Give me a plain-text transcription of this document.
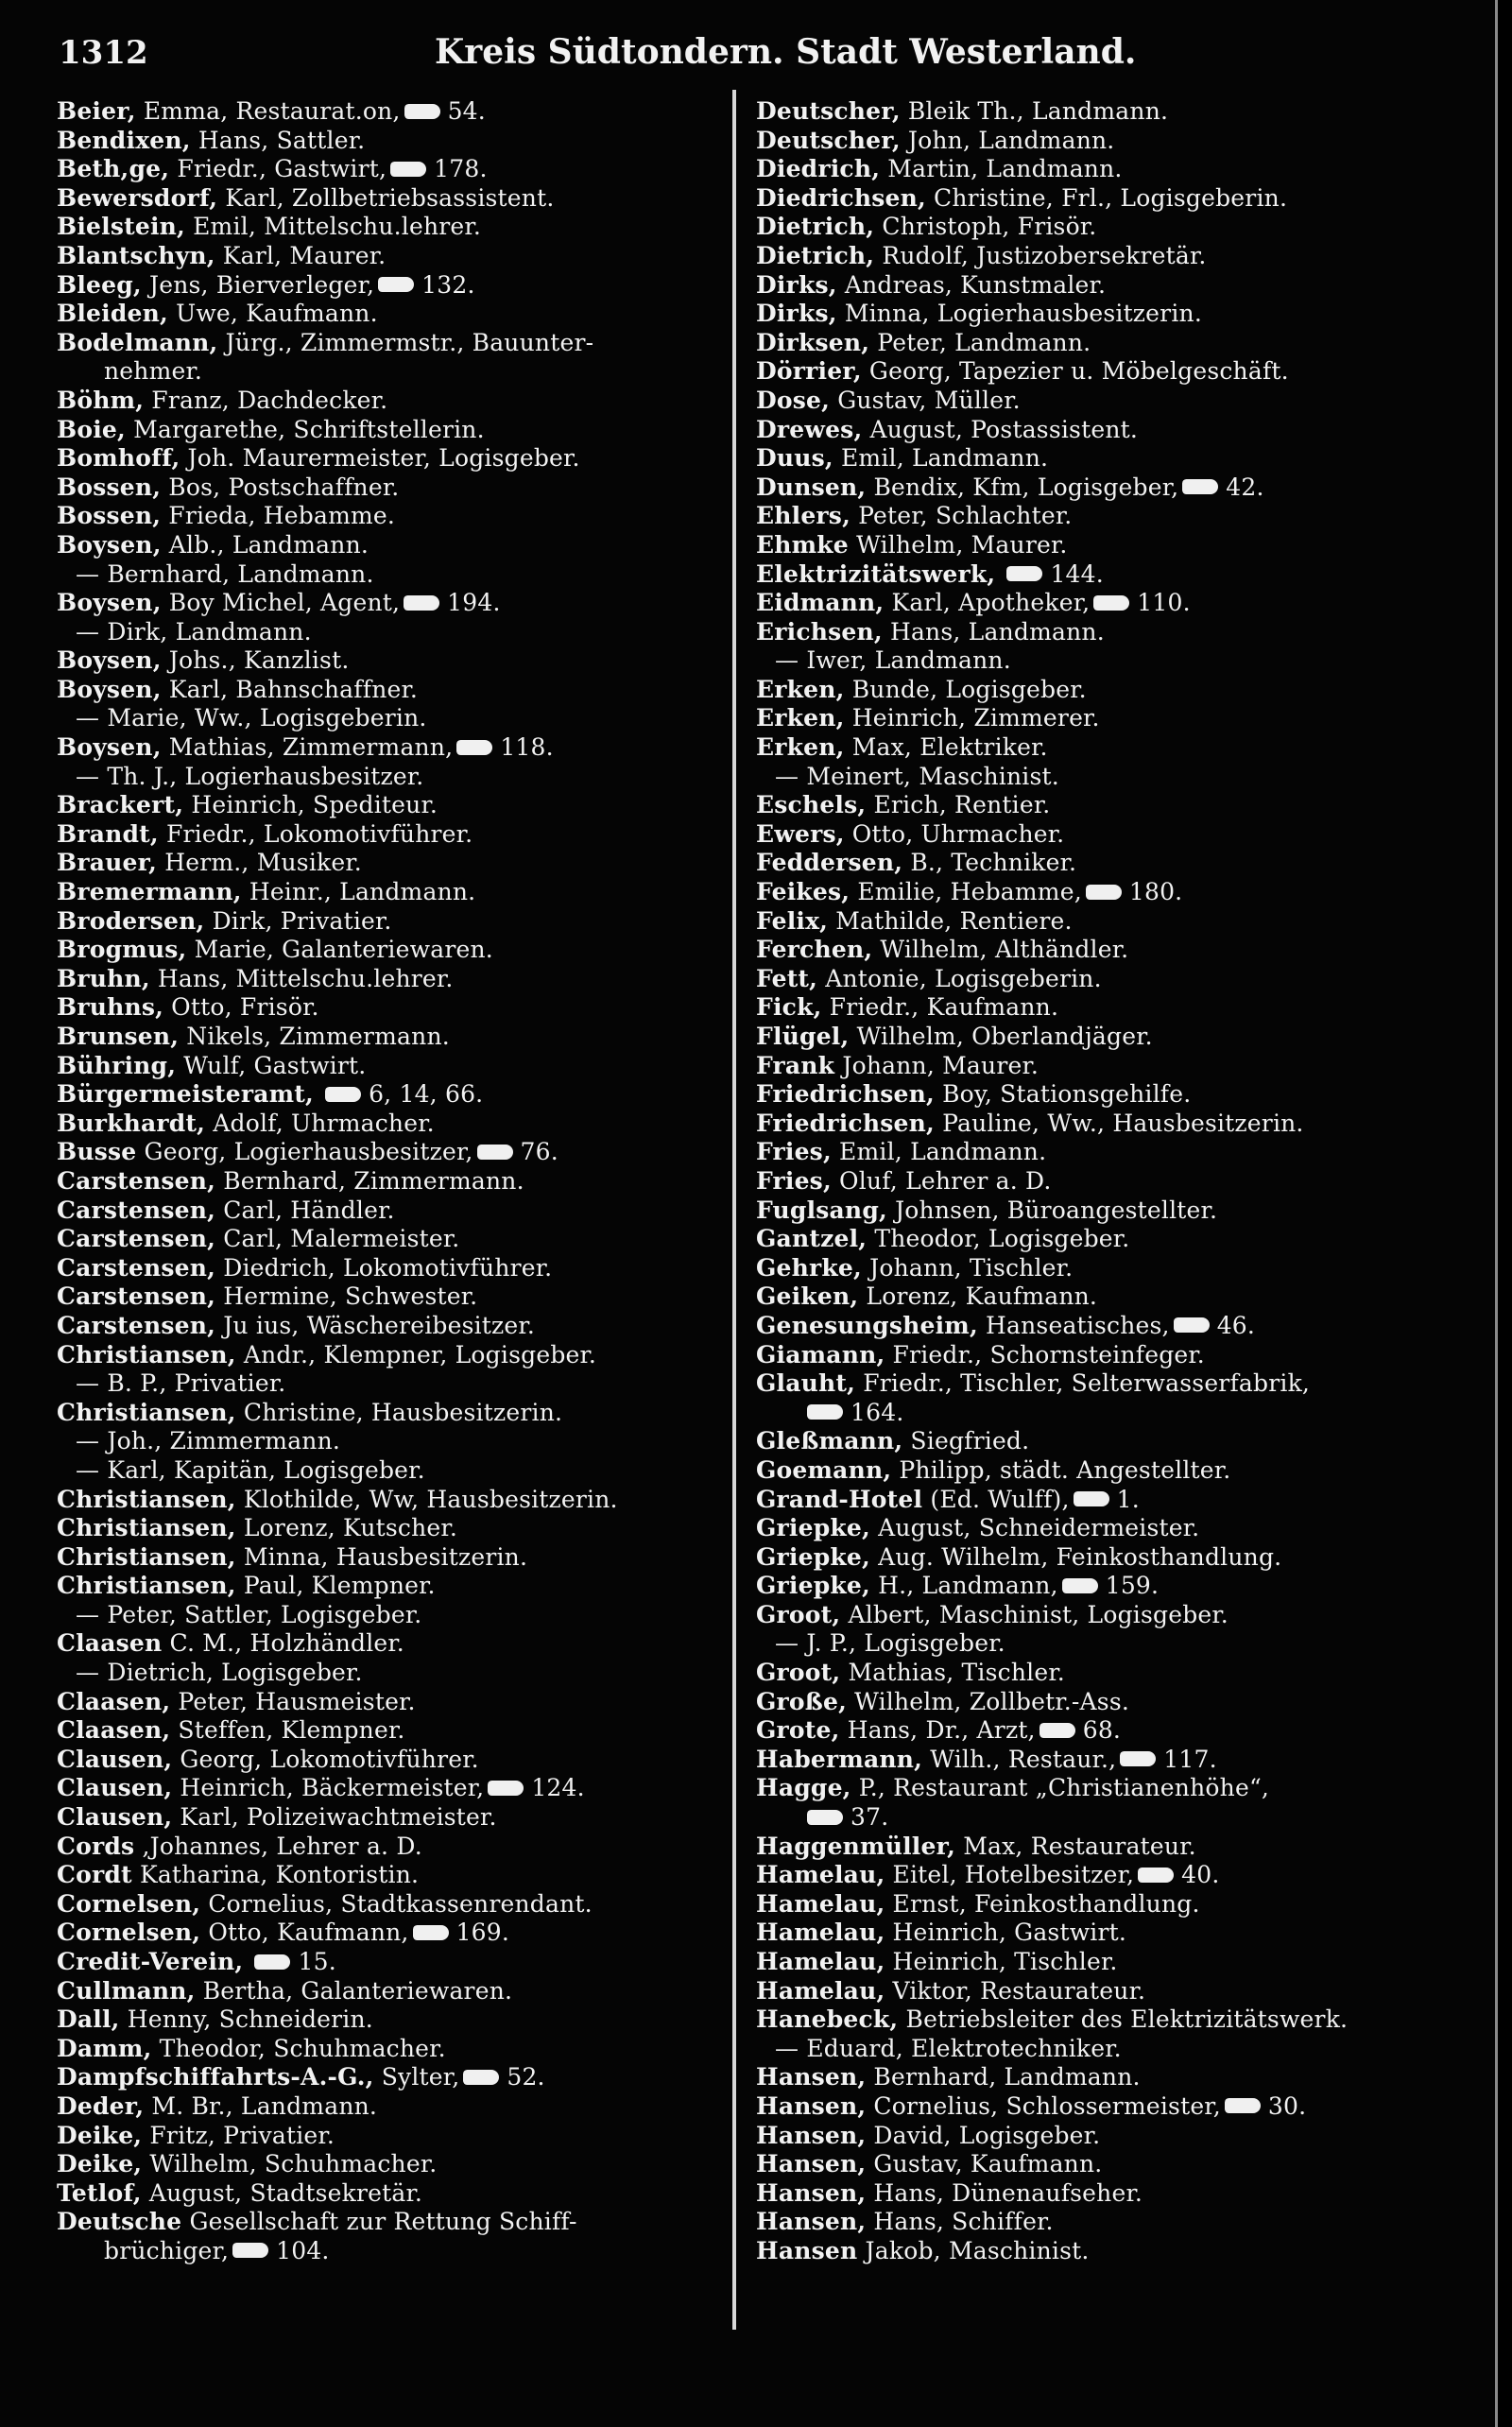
1312	Kreis Südtondern. Stadt Westerland.
Beier, Emma, Restaurat.on, 54.
Bendixen, Hans, Sattler.
Beth,ge, Friedr., Gastwirt, 178.
Bewersdorf, Karl, Zollbetriebsassistent.
Bielstein, Emil, Mittelschu.lehrer.
Blantschyn, Karl, Maurer.
Bleeg, Jens, Bierverleger, 132.
Bleiden, Uwe, Kaufmann.
Bodelmann, Jürg., Zimmermstr., Bauunter-
nehmer.
Böhm, Franz, Dachdecker.
Boie, Margarethe, Schriftstellerin.
Bomhoff, Joh. Maurermeister, Logisgeber.
Bossen, Bos, Postschaffner.
Bossen, Frieda, Hebamme.
Boysen, Alb., Landmann.
— Bernhard, Landmann.
Boysen, Boy Michel, Agent, 194.
— Dirk, Landmann.
Boysen, Johs., Kanzlist.
Boysen, Karl, Bahnschaffner.
— Marie, Ww., Logisgeberin.
Boysen, Mathias, Zimmermann, 118.
— Th. J., Logierhausbesitzer.
Brackert, Heinrich, Spediteur.
Brandt, Friedr., Lokomotivführer.
Brauer, Herm., Musiker.
Bremermann, Heinr., Landmann.
Brodersen, Dirk, Privatier.
Brogmus, Marie, Galanteriewaren.
Bruhn, Hans, Mittelschu.lehrer.
Bruhns, Otto, Frisör.
Brunsen, Nikels, Zimmermann.
Bühring, Wulf, Gastwirt.
Bürgermeisteramt, 6, 14, 66.
Burkhardt, Adolf, Uhrmacher.
Busse Georg, Logierhausbesitzer, 76.
Carstensen, Bernhard, Zimmermann.
Carstensen, Carl, Händler.
Carstensen, Carl, Malermeister.
Carstensen, Diedrich, Lokomotivführer.
Carstensen, Hermine, Schwester.
Carstensen, Ju ius, Wäschereibesitzer.
Christiansen, Andr., Klempner, Logisgeber.
— B. P., Privatier.
Christiansen, Christine, Hausbesitzerin.
— Joh., Zimmermann.
— Karl, Kapitän, Logisgeber.
Christiansen, Klothilde, Ww, Hausbesitzerin.
Christiansen, Lorenz, Kutscher.
Christiansen, Minna, Hausbesitzerin.
Christiansen, Paul, Klempner.
— Peter, Sattler, Logisgeber.
Claasen C. M., Holzhändler.
— Dietrich, Logisgeber.
Claasen, Peter, Hausmeister.
Claasen, Steffen, Klempner.
Clausen, Georg, Lokomotivführer.
Clausen, Heinrich, Bäckermeister, 124.
Clausen, Karl, Polizeiwachtmeister.
Cords ,Johannes, Lehrer a. D.
Cordt Katharina, Kontoristin.
Cornelsen, Cornelius, Stadtkassenrendant.
Cornelsen, Otto, Kaufmann, 169.
Credit-Verein, 15.
Cullmann, Bertha, Galanteriewaren.
Dall, Henny, Schneiderin.
Damm, Theodor, Schuhmacher.
Dampfschiffahrts-A.-G., Sylter, 52.
Deder, M. Br., Landmann.
Deike, Fritz, Privatier.
Deike, Wilhelm, Schuhmacher.
Tetlof, August, Stadtsekretär.
Deutsche Gesellschaft zur Rettung Schiff-
brüchiger, 104.
Deutscher, Bleik Th., Landmann.
Deutscher, John, Landmann.
Diedrich, Martin, Landmann.
Diedrichsen, Christine, Frl., Logisgeberin.
Dietrich, Christoph, Frisör.
Dietrich, Rudolf, Justizobersekretär.
Dirks, Andreas, Kunstmaler.
Dirks, Minna, Logierhausbesitzerin.
Dirksen, Peter, Landmann.
Dörrier, Georg, Tapezier u. Möbelgeschäft.
Dose, Gustav, Müller.
Drewes, August, Postassistent.
Duus, Emil, Landmann.
Dunsen, Bendix, Kfm, Logisgeber, 42.
Ehlers, Peter, Schlachter.
Ehmke Wilhelm, Maurer.
Elektrizitätswerk, 144.
Eidmann, Karl, Apotheker, 110.
Erichsen, Hans, Landmann.
— Iwer, Landmann.
Erken, Bunde, Logisgeber.
Erken, Heinrich, Zimmerer.
Erken, Max, Elektriker.
— Meinert, Maschinist.
Eschels, Erich, Rentier.
Ewers, Otto, Uhrmacher.
Feddersen, B., Techniker.
Feikes, Emilie, Hebamme, 180.
Felix, Mathilde, Rentiere.
Ferchen, Wilhelm, Althändler.
Fett, Antonie, Logisgeberin.
Fick, Friedr., Kaufmann.
Flügel, Wilhelm, Oberlandjäger.
Frank Johann, Maurer.
Friedrichsen, Boy, Stationsgehilfe.
Friedrichsen, Pauline, Ww., Hausbesitzerin.
Fries, Emil, Landmann.
Fries, Oluf, Lehrer a. D.
Fuglsang, Johnsen, Büroangestellter.
Gantzel, Theodor, Logisgeber.
Gehrke, Johann, Tischler.
Geiken, Lorenz, Kaufmann.
Genesungsheim, Hanseatisches, 46.
Giamann, Friedr., Schornsteinfeger.
Glauht, Friedr., Tischler, Selterwasserfabrik,
164.
Gleßmann, Siegfried.
Goemann, Philipp, städt. Angestellter.
Grand-Hotel (Ed. Wulff), 1.
Griepke, August, Schneidermeister.
Griepke, Aug. Wilhelm, Feinkosthandlung.
Griepke, H., Landmann, 159.
Groot, Albert, Maschinist, Logisgeber.
— J. P., Logisgeber.
Groot, Mathias, Tischler.
Große, Wilhelm, Zollbetr.-Ass.
Grote, Hans, Dr., Arzt, 68.
Habermann, Wilh., Restaur., 117.
Hagge, P., Restaurant „Christianenhöhe“,
37.
Haggenmüller, Max, Restaurateur.
Hamelau, Eitel, Hotelbesitzer, 40.
Hamelau, Ernst, Feinkosthandlung.
Hamelau, Heinrich, Gastwirt.
Hamelau, Heinrich, Tischler.
Hamelau, Viktor, Restaurateur.
Hanebeck, Betriebsleiter des Elektrizitätswerk.
— Eduard, Elektrotechniker.
Hansen, Bernhard, Landmann.
Hansen, Cornelius, Schlossermeister, 30.
Hansen, David, Logisgeber.
Hansen, Gustav, Kaufmann.
Hansen, Hans, Dünenaufseher.
Hansen, Hans, Schiffer.
Hansen Jakob, Maschinist.
